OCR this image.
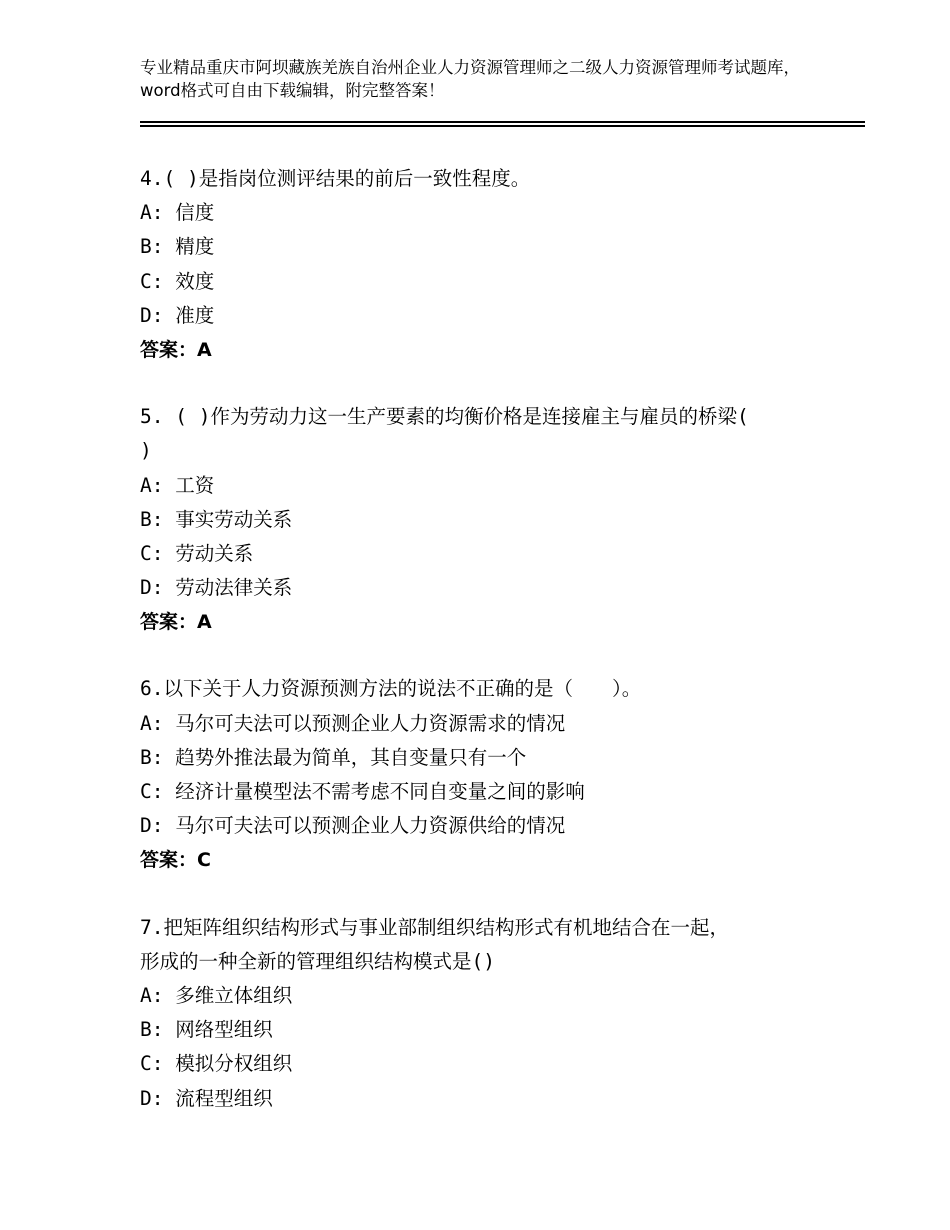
专业精品重庆市阿坝藏族羌族自治州企业人力资源管理师之二级人力资源管理师考试题库，word格式可自由下载编辑，附完整答案！
4.( )是指岗位测评结果的前后一致性程度。
A: 信度
B: 精度
C: 效度
D: 准度
答案：A
5. ( )作为劳动力这一生产要素的均衡价格是连接雇主与雇员的桥梁(
)
A: 工资
B: 事实劳动关系
C: 劳动关系
D: 劳动法律关系
答案：A
6.以下关于人力资源预测方法的说法不正确的是（　　）。
A: 马尔可夫法可以预测企业人力资源需求的情况
B: 趋势外推法最为简单，其自变量只有一个
C: 经济计量模型法不需考虑不同自变量之间的影响
D: 马尔可夫法可以预测企业人力资源供给的情况
答案：C
7.把矩阵组织结构形式与事业部制组织结构形式有机地结合在一起，
形成的一种全新的管理组织结构模式是()
A: 多维立体组织
B: 网络型组织
C: 模拟分权组织
D: 流程型组织
